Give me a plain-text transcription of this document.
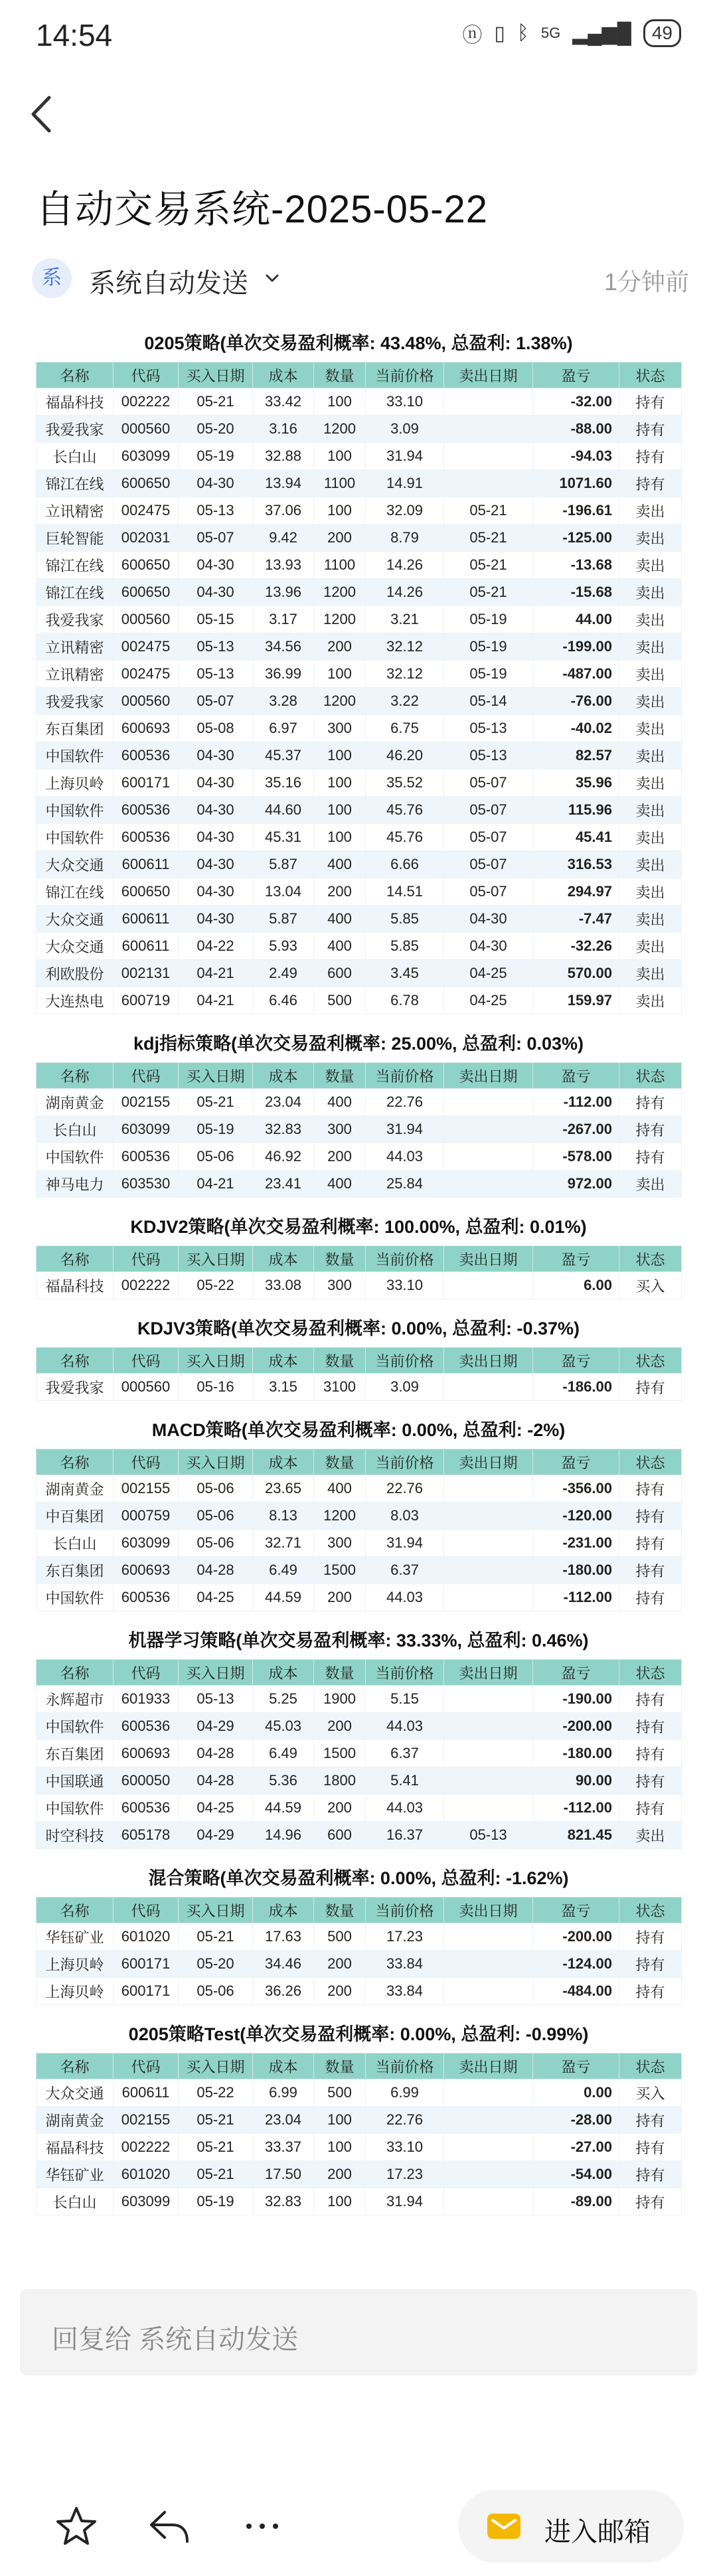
14:54	ⓝ ▯ ᛒ 5G ▂▄▆█	49
自动交易系统-2025-05-22
系	系统自动发送	1分钟前
0205策略(单次交易盈利概率: 43.48%, 总盈利: 1.38%)
名称	代码	买入日期	成本	数量	当前价格	卖出日期	盈亏	状态
福晶科技	002222	05-21	33.42	100	33.10		-32.00	持有
我爱我家	000560	05-20	3.16	1200	3.09		-88.00	持有
长白山	603099	05-19	32.88	100	31.94		-94.03	持有
锦江在线	600650	04-30	13.94	1100	14.91		1071.60	持有
立讯精密	002475	05-13	37.06	100	32.09	05-21	-196.61	卖出
巨轮智能	002031	05-07	9.42	200	8.79	05-21	-125.00	卖出
锦江在线	600650	04-30	13.93	1100	14.26	05-21	-13.68	卖出
锦江在线	600650	04-30	13.96	1200	14.26	05-21	-15.68	卖出
我爱我家	000560	05-15	3.17	1200	3.21	05-19	44.00	卖出
立讯精密	002475	05-13	34.56	200	32.12	05-19	-199.00	卖出
立讯精密	002475	05-13	36.99	100	32.12	05-19	-487.00	卖出
我爱我家	000560	05-07	3.28	1200	3.22	05-14	-76.00	卖出
东百集团	600693	05-08	6.97	300	6.75	05-13	-40.02	卖出
中国软件	600536	04-30	45.37	100	46.20	05-13	82.57	卖出
上海贝岭	600171	04-30	35.16	100	35.52	05-07	35.96	卖出
中国软件	600536	04-30	44.60	100	45.76	05-07	115.96	卖出
中国软件	600536	04-30	45.31	100	45.76	05-07	45.41	卖出
大众交通	600611	04-30	5.87	400	6.66	05-07	316.53	卖出
锦江在线	600650	04-30	13.04	200	14.51	05-07	294.97	卖出
大众交通	600611	04-30	5.87	400	5.85	04-30	-7.47	卖出
大众交通	600611	04-22	5.93	400	5.85	04-30	-32.26	卖出
利欧股份	002131	04-21	2.49	600	3.45	04-25	570.00	卖出
大连热电	600719	04-21	6.46	500	6.78	04-25	159.97	卖出
kdj指标策略(单次交易盈利概率: 25.00%, 总盈利: 0.03%)
名称	代码	买入日期	成本	数量	当前价格	卖出日期	盈亏	状态
湖南黄金	002155	05-21	23.04	400	22.76		-112.00	持有
长白山	603099	05-19	32.83	300	31.94		-267.00	持有
中国软件	600536	05-06	46.92	200	44.03		-578.00	持有
神马电力	603530	04-21	23.41	400	25.84		972.00	卖出
KDJV2策略(单次交易盈利概率: 100.00%, 总盈利: 0.01%)
名称	代码	买入日期	成本	数量	当前价格	卖出日期	盈亏	状态
福晶科技	002222	05-22	33.08	300	33.10		6.00	买入
KDJV3策略(单次交易盈利概率: 0.00%, 总盈利: -0.37%)
名称	代码	买入日期	成本	数量	当前价格	卖出日期	盈亏	状态
我爱我家	000560	05-16	3.15	3100	3.09		-186.00	持有
MACD策略(单次交易盈利概率: 0.00%, 总盈利: -2%)
名称	代码	买入日期	成本	数量	当前价格	卖出日期	盈亏	状态
湖南黄金	002155	05-06	23.65	400	22.76		-356.00	持有
中百集团	000759	05-06	8.13	1200	8.03		-120.00	持有
长白山	603099	05-06	32.71	300	31.94		-231.00	持有
东百集团	600693	04-28	6.49	1500	6.37		-180.00	持有
中国软件	600536	04-25	44.59	200	44.03		-112.00	持有
机器学习策略(单次交易盈利概率: 33.33%, 总盈利: 0.46%)
名称	代码	买入日期	成本	数量	当前价格	卖出日期	盈亏	状态
永辉超市	601933	05-13	5.25	1900	5.15		-190.00	持有
中国软件	600536	04-29	45.03	200	44.03		-200.00	持有
东百集团	600693	04-28	6.49	1500	6.37		-180.00	持有
中国联通	600050	04-28	5.36	1800	5.41		90.00	持有
中国软件	600536	04-25	44.59	200	44.03		-112.00	持有
时空科技	605178	04-29	14.96	600	16.37	05-13	821.45	卖出
混合策略(单次交易盈利概率: 0.00%, 总盈利: -1.62%)
名称	代码	买入日期	成本	数量	当前价格	卖出日期	盈亏	状态
华钰矿业	601020	05-21	17.63	500	17.23		-200.00	持有
上海贝岭	600171	05-20	34.46	200	33.84		-124.00	持有
上海贝岭	600171	05-06	36.26	200	33.84		-484.00	持有
0205策略Test(单次交易盈利概率: 0.00%, 总盈利: -0.99%)
名称	代码	买入日期	成本	数量	当前价格	卖出日期	盈亏	状态
大众交通	600611	05-22	6.99	500	6.99		0.00	买入
湖南黄金	002155	05-21	23.04	100	22.76		-28.00	持有
福晶科技	002222	05-21	33.37	100	33.10		-27.00	持有
华钰矿业	601020	05-21	17.50	200	17.23		-54.00	持有
长白山	603099	05-19	32.83	100	31.94		-89.00	持有
回复给 系统自动发送
进入邮箱
